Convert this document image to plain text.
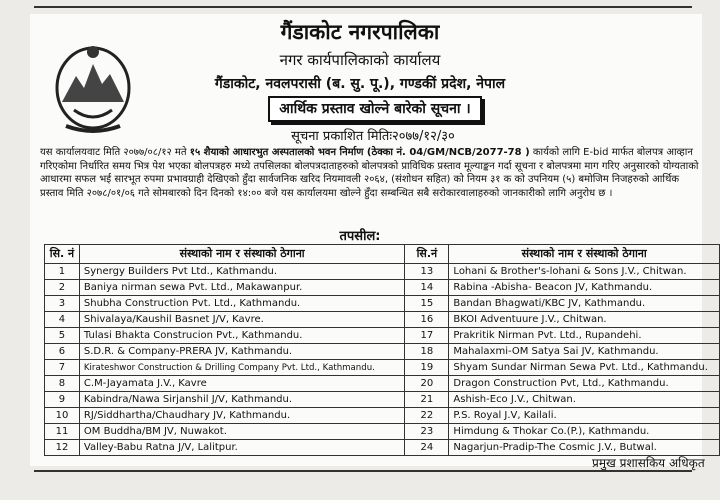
गैंडाकोट नगरपालिका
नगर कार्यपालिकाको कार्यालय
गैंडाकोट, नवलपरासी (ब. सु. पू.), गण्डकीं प्रदेश, नेपाल
आर्थिक प्रस्ताव खोल्ने बारेको सूचना ।
सूचना प्रकाशित मितिः२०७७/१२/३०
यस कार्यालयवाट मिति २०७७/०८/१२ मते १५ शैयाको आधारभुत अस्पतालको भवन निर्माण (ठेक्का नं. 04/GM/NCB/2077-78 ) कार्यको लागि E-bid मार्फत बोलपत्र आव्हान गरिएकोमा निर्धारित समय भित्र पेश भएका बोलपत्रहरु मध्ये तपसिलका बोलपत्रदाताहरुको बोलपत्रको प्राविधिक प्रस्ताव मूल्याङ्कन गर्दा सूचना र बोलपत्रमा माग गरिए अनुसारको योग्यताको आधारमा सफल भई सारभूत रुपमा प्रभावग्राही देखिएको हुँदा सार्वजनिक खरिद नियमावली २०६४, (संशोधन सहित) को नियम ३१ क को उपनियम (५) बमोजिम निजहरुको आर्थिक प्रस्ताव मिति २०७८/०१/०६ गते सोमबारको दिन दिनको १४:०० बजे यस कार्यालयमा खोल्ने हुँदा सम्बन्धित सबै सरोकारवालाहरुको जानकारीको लागि अनुरोध छ ।
तपसील:
सि. नं	संस्थाको नाम र संस्थाको ठेगाना	सि.नं	संस्थाको नाम र संस्थाको ठेगाना
1	Synergy Builders Pvt Ltd., Kathmandu.	13	Lohani & Brother's-lohani & Sons J.V., Chitwan.
2	Baniya nirman sewa Pvt. Ltd., Makawanpur.	14	Rabina -Abisha- Beacon JV, Kathmandu.
3	Shubha Construction Pvt. Ltd., Kathmandu.	15	Bandan Bhagwati/KBC JV, Kathmandu.
4	Shivalaya/Kaushil Basnet J/V, Kavre.	16	BKOI Adventuure J.V., Chitwan.
5	Tulasi Bhakta Construcion Pvt., Kathmandu.	17	Prakritik Nirman Pvt. Ltd., Rupandehi.
6	S.D.R. & Company-PRERA JV, Kathmandu.	18	Mahalaxmi-OM Satya Sai JV, Kathmandu.
7	Kirateshwor Construction & Drilling Company Pvt. Ltd., Kathmandu.	19	Shyam Sundar Nirman Sewa Pvt. Ltd., Kathmandu.
8	C.M-Jayamata J.V., Kavre	20	Dragon Construction Pvt, Ltd., Kathmandu.
9	Kabindra/Nawa Sirjanshil J/V, Kathmandu.	21	Ashish-Eco J.V., Chitwan.
10	RJ/Siddhartha/Chaudhary JV, Kathmandu.	22	P.S. Royal J.V, Kailali.
11	OM Buddha/BM JV, Nuwakot.	23	Himdung & Thokar Co.(P.), Kathmandu.
12	Valley-Babu Ratna J/V, Lalitpur.	24	Nagarjun-Pradip-The Cosmic J.V., Butwal.
प्रमुख प्रशासकिय अधिकृत
